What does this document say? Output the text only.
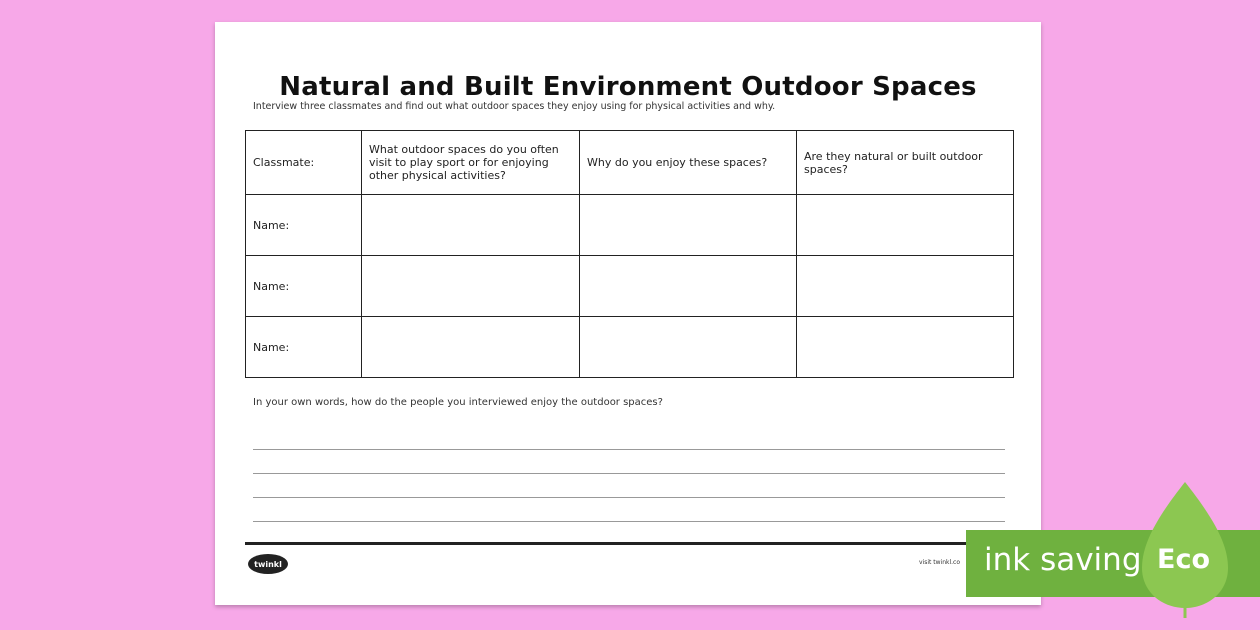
Natural and Built Environment Outdoor Spaces
Interview three classmates and find out what outdoor spaces they enjoy using for physical activities and why.
Classmate:	What outdoor spaces do you often visit to play sport or for enjoying other physical activities?	Why do you enjoy these spaces?	Are they natural or built outdoor spaces?
Name:			
Name:			
Name:			
In your own words, how do the people you interviewed enjoy the outdoor spaces?
twinkl	visit twinkl.co ink saving Eco
